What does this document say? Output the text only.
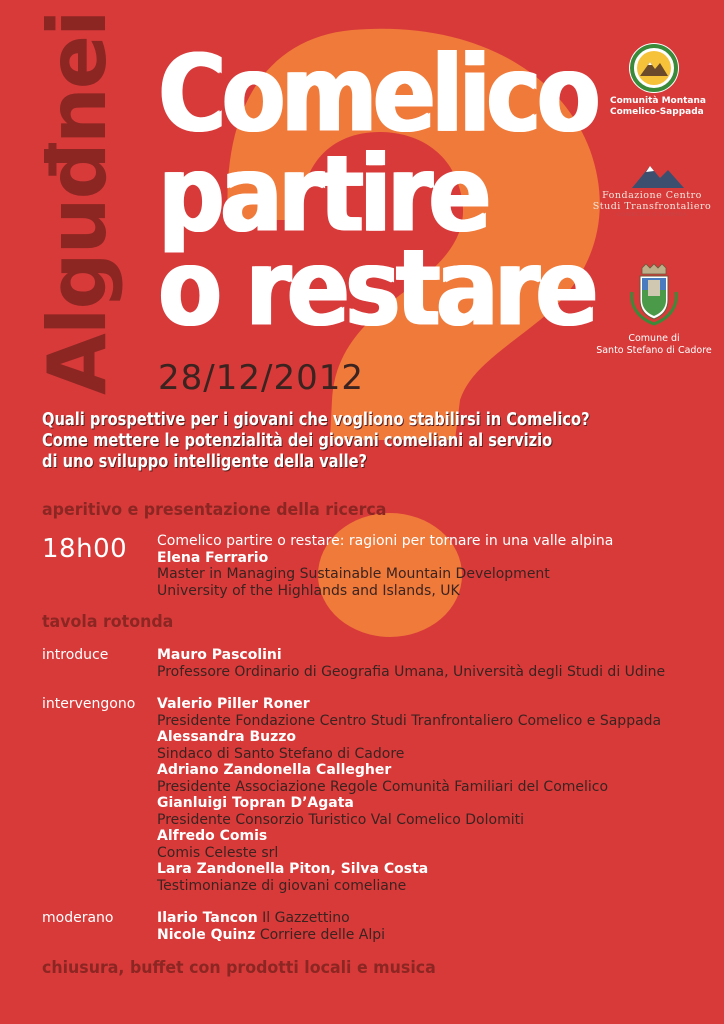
Alguđnei Comelico
partire
o restare
28/12/2012
Quali prospettive per i giovani che vogliono stabilirsi in Comelico?
Come mettere le potenzialità dei giovani comeliani al servizio
di uno sviluppo intelligente della valle?
aperitivo e presentazione della ricerca
18h00 Comelico partire o restare: ragioni per tornare in una valle alpina
Elena Ferrario
Master in Managing Sustainable Mountain Development
University of the Highlands and Islands, UK
tavola rotonda
introduce	Mauro Pascolini
Professore Ordinario di Geografia Umana, Università degli Studi di Udine
intervengono Valerio Piller Roner
Presidente Fondazione Centro Studi Tranfrontaliero Comelico e Sappada
Alessandra Buzzo
Sindaco di Santo Stefano di Cadore
Adriano Zandonella Callegher
Presidente Associazione Regole Comunità Familiari del Comelico
Gianluigi Topran D’Agata
Presidente Consorzio Turistico Val Comelico Dolomiti
Alfredo Comis
Comis Celeste srl
Lara Zandonella Piton, Silva Costa
Testimonianze di giovani comeliane
moderano	Ilario Tancon Il Gazzettino
Nicole Quinz Corriere delle Alpi
chiusura, buffet con prodotti locali e musica
Comunità Montana
Comelico-Sappada
Fondazione Centro
Studi Transfrontaliero
COMELICO E SAPPADA
Comune di
Santo Stefano di Cadore
